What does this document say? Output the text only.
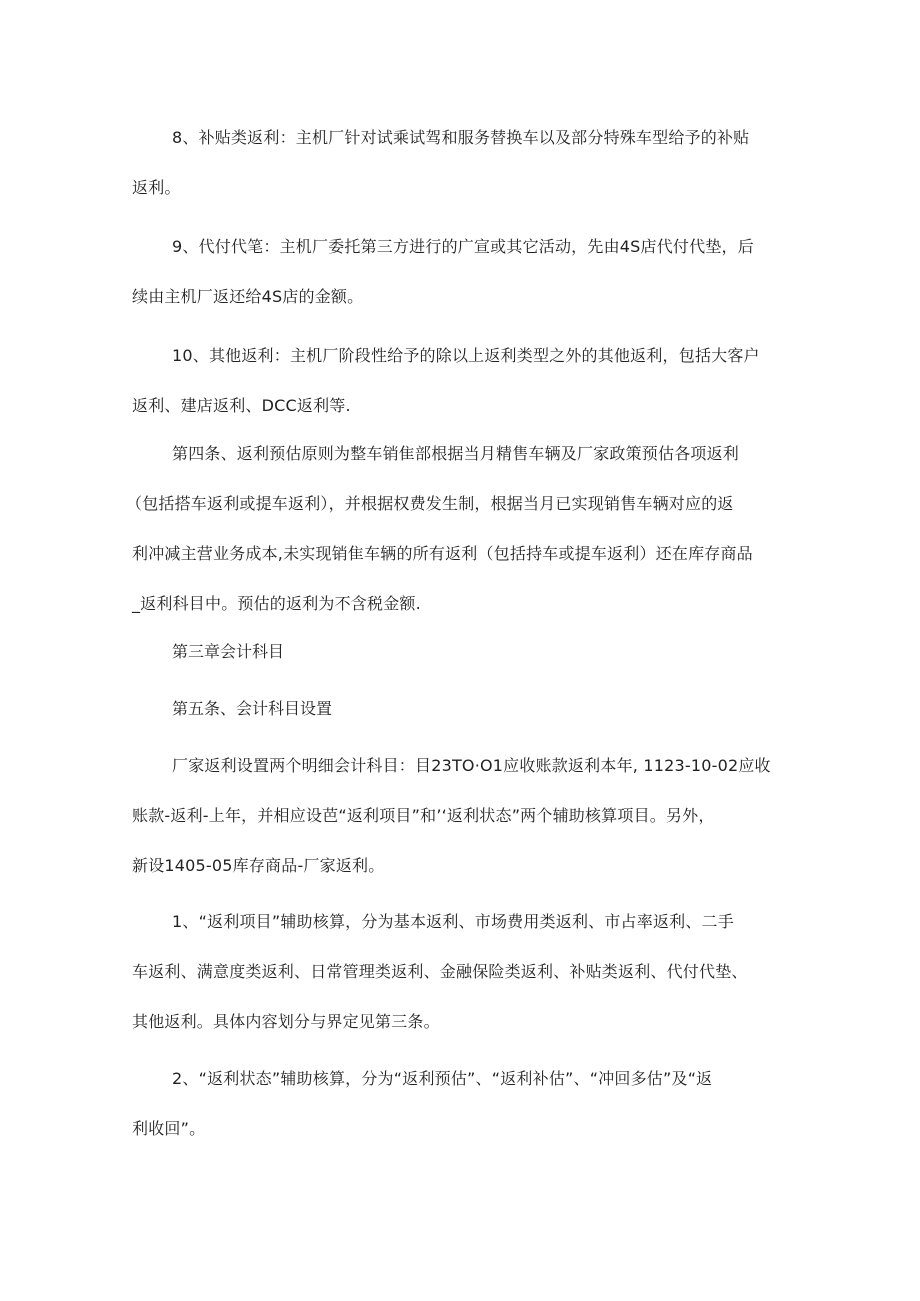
8、补贴类返利：主机厂针对试乘试驾和服务替换车以及部分特殊车型给予的补贴
返利。

9、代付代笔：主机厂委托第三方进行的广宣或其它活动，先由4S店代付代垫，后
续由主机厂返还给4S店的金额。

10、其他返利：主机厂阶段性给予的除以上返利类型之外的其他返利，包括大客户
返利、建店返利、DCC返利等.

第四条、返利预估原则为整车销隹部根据当月精售车辆及厂家政策预估各项返利
（包括搭车返利或提车返利），并根据权费发生制，根据当月已实现销售车辆对应的返
利冲减主营业务成本,未实现销隹车辆的所有返利（包括持车或提车返利）还在库存商品
_返利科目中。预估的返利为不含税金额.

第三章会计科目

第五条、会计科目设置

厂家返利设置两个明细会计科目：目23TO·O1应收账款返利本年, 1123-10-02应收
账款-返利-上年，并相应设芭“返利项目”和’‘返利状态”两个辅助核算项目。另外，
新设1405-05库存商品-厂家返利。

1、“返利项目”辅助核算，分为基本返利、市场费用类返利、市占率返利、二手
车返利、满意度类返利、日常管理类返利、金融保险类返利、补贴类返利、代付代垫、
其他返利。具体内容划分与界定见第三条。

2、“返利状态”辅助核算，分为“返利预估”、“返利补估”、“冲回多估”及“返
利收回”。
